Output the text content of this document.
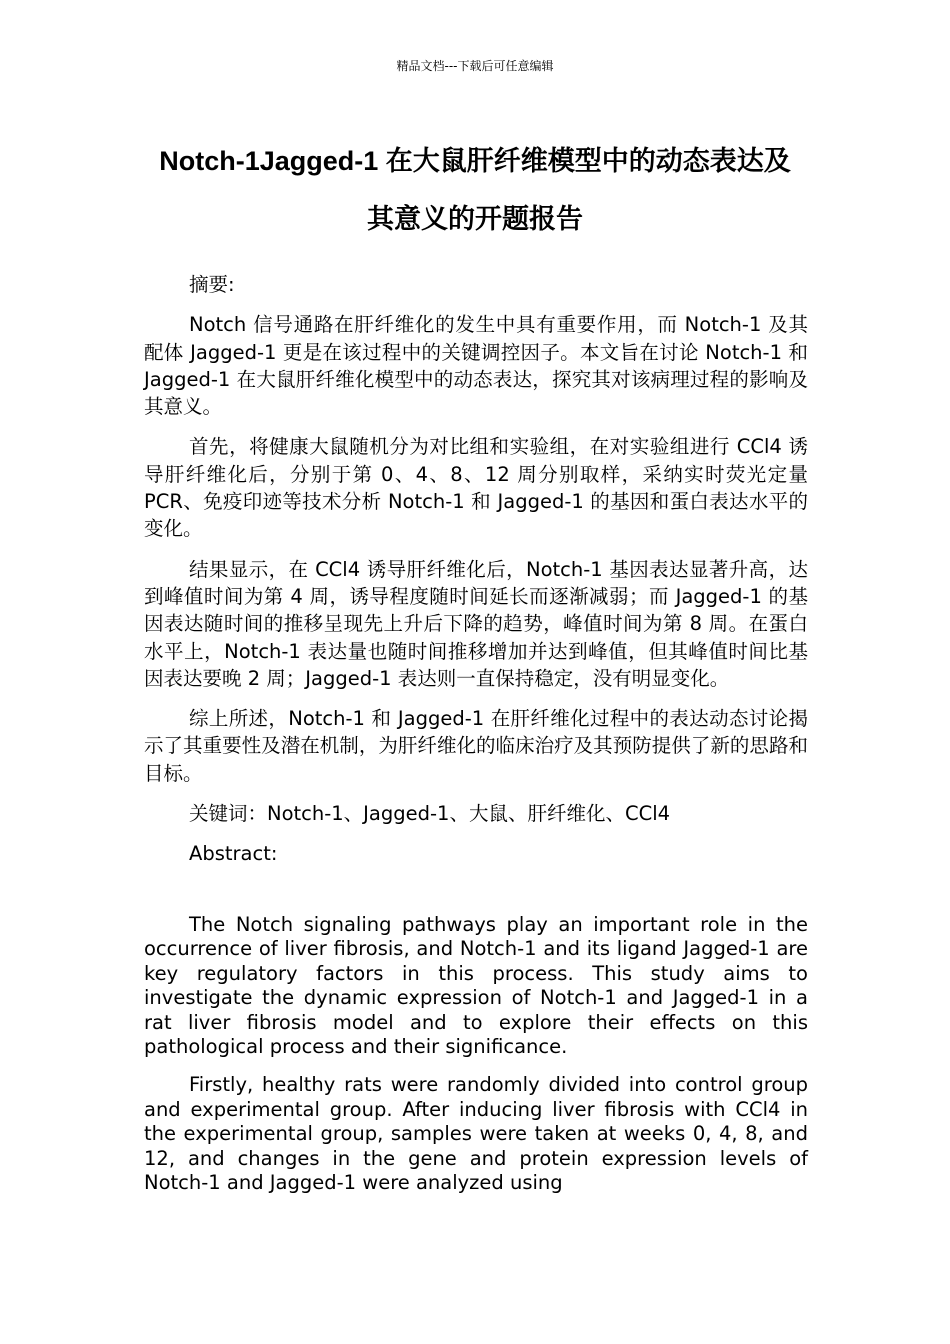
精品文档---下载后可任意编辑
Notch-1Jagged-1 在大鼠肝纤维模型中的动态表达及
其意义的开题报告

摘要:

Notch 信号通路在肝纤维化的发生中具有重要作用，而 Notch-1 及其配体 Jagged-1 更是在该过程中的关键调控因子。本文旨在讨论 Notch-1 和 Jagged-1 在大鼠肝纤维化模型中的动态表达，探究其对该病理过程的影响及其意义。

首先，将健康大鼠随机分为对比组和实验组，在对实验组进行 CCl4 诱导肝纤维化后，分别于第 0、4、8、12 周分别取样，采纳实时荧光定量 PCR、免疫印迹等技术分析 Notch-1 和 Jagged-1 的基因和蛋白表达水平的变化。

结果显示，在 CCl4 诱导肝纤维化后，Notch-1 基因表达显著升高，达到峰值时间为第 4 周，诱导程度随时间延长而逐渐减弱；而 Jagged-1 的基因表达随时间的推移呈现先上升后下降的趋势，峰值时间为第 8 周。在蛋白水平上，Notch-1 表达量也随时间推移增加并达到峰值，但其峰值时间比基因表达要晚 2 周；Jagged-1 表达则一直保持稳定，没有明显变化。

综上所述，Notch-1 和 Jagged-1 在肝纤维化过程中的表达动态讨论揭示了其重要性及潜在机制，为肝纤维化的临床治疗及其预防提供了新的思路和目标。

关键词：Notch-1、Jagged-1、大鼠、肝纤维化、CCl4

Abstract:

The Notch signaling pathways play an important role in the occurrence of liver fibrosis, and Notch-1 and its ligand Jagged-1 are key regulatory factors in this process. This study aims to investigate the dynamic expression of Notch-1 and Jagged-1 in a rat liver fibrosis model and to explore their effects on this pathological process and their significance.

Firstly, healthy rats were randomly divided into control group and experimental group. After inducing liver fibrosis with CCl4 in the experimental group, samples were taken at weeks 0, 4, 8, and 12, and changes in the gene and protein expression levels of Notch-1 and Jagged-1 were analyzed using
